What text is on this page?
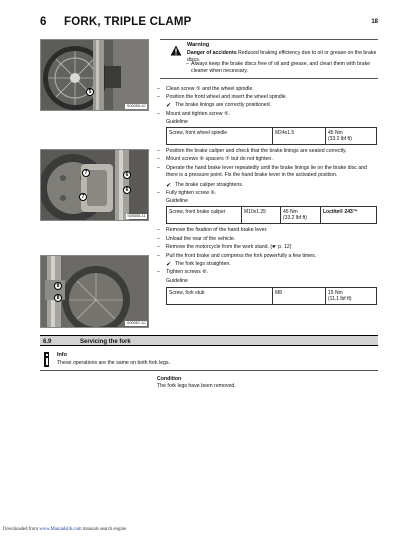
6 FORK, TRIPLE CLAMP	18
5
S00059-10
7
7
6
6
S00055-11
8
8
S00057-10
Warning
Danger of accidents Reduced braking efficiency due to oil or grease on the brake discs.
– Always keep the brake discs free of oil and grease, and clean them with brake cleaner when necessary.
– Clean screw ⑤ and the wheel spindle.
– Position the front wheel and insert the wheel spindle.
✔ The brake linings are correctly positioned.
– Mount and tighten screw ⑤.
Guideline
Screw, front wheel spindle	M24x1.5	45 Nm
(33.2 lbf ft)
– Position the brake caliper and check that the brake linings are seated correctly.
– Mount screws ⑥ spacers ⑦ but do not tighten.
– Operate the hand brake lever repeatedly until the brake linings lie on the brake disc and there is a pressure point. Fix the hand brake lever in the activated position.
✔ The brake caliper straightens.
– Fully tighten screw ⑥.
Guideline
Screw, front brake caliper	M10x1.25	45 Nm
(33.2 lbf ft)	Loctite® 243™
– Remove the fixation of the hand brake lever.
– Unload the rear of the vehicle.
– Remove the motorcycle from the work stand. (☛ p. 12)
– Pull the front brake and compress the fork powerfully a few times.
✔ The fork legs straighten.
– Tighten screws ⑧.
Guideline
Screw, fork stub	M8	15 Nm
(11.1 lbf ft)
6.9	Servicing the fork
Info
These operations are the same on both fork legs.
Condition
The fork legs have been removed.
Downloaded from www.Manualslib.com manuals search engine
